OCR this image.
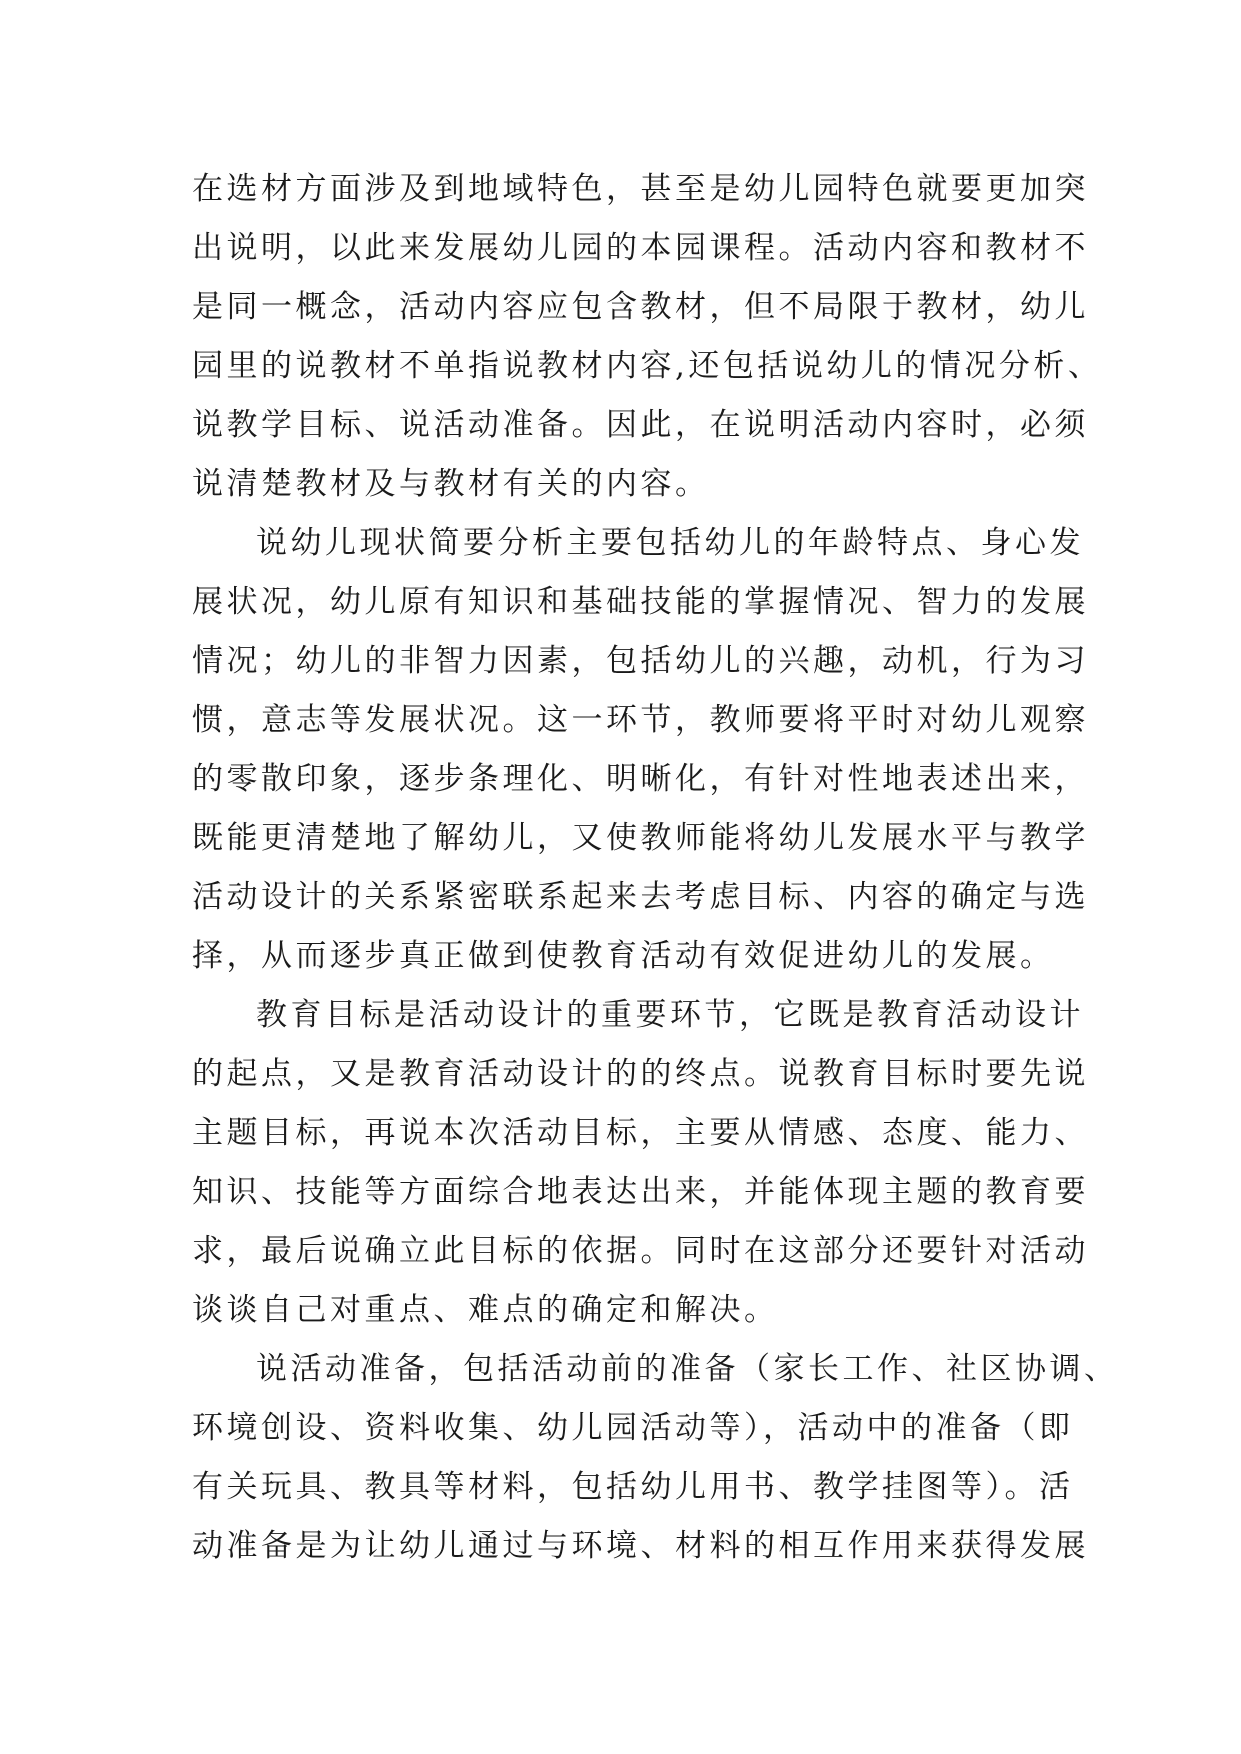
在选材方面涉及到地域特色，甚至是幼儿园特色就要更加突
出说明，以此来发展幼儿园的本园课程。活动内容和教材不
是同一概念，活动内容应包含教材，但不局限于教材，幼儿
园里的说教材不单指说教材内容,还包括说幼儿的情况分析、
说教学目标、说活动准备。因此，在说明活动内容时，必须
说清楚教材及与教材有关的内容。
说幼儿现状简要分析主要包括幼儿的年龄特点、身心发
展状况，幼儿原有知识和基础技能的掌握情况、智力的发展
情况；幼儿的非智力因素，包括幼儿的兴趣，动机，行为习
惯，意志等发展状况。这一环节，教师要将平时对幼儿观察
的零散印象，逐步条理化、明晰化，有针对性地表述出来，
既能更清楚地了解幼儿，又使教师能将幼儿发展水平与教学
活动设计的关系紧密联系起来去考虑目标、内容的确定与选
择，从而逐步真正做到使教育活动有效促进幼儿的发展。
教育目标是活动设计的重要环节，它既是教育活动设计
的起点，又是教育活动设计的的终点。说教育目标时要先说
主题目标，再说本次活动目标，主要从情感、态度、能力、
知识、技能等方面综合地表达出来，并能体现主题的教育要
求，最后说确立此目标的依据。同时在这部分还要针对活动
谈谈自己对重点、难点的确定和解决。
说活动准备，包括活动前的准备（家长工作、社区协调、
环境创设、资料收集、幼儿园活动等），活动中的准备（即
有关玩具、教具等材料，包括幼儿用书、教学挂图等）。活
动准备是为让幼儿通过与环境、材料的相互作用来获得发展
